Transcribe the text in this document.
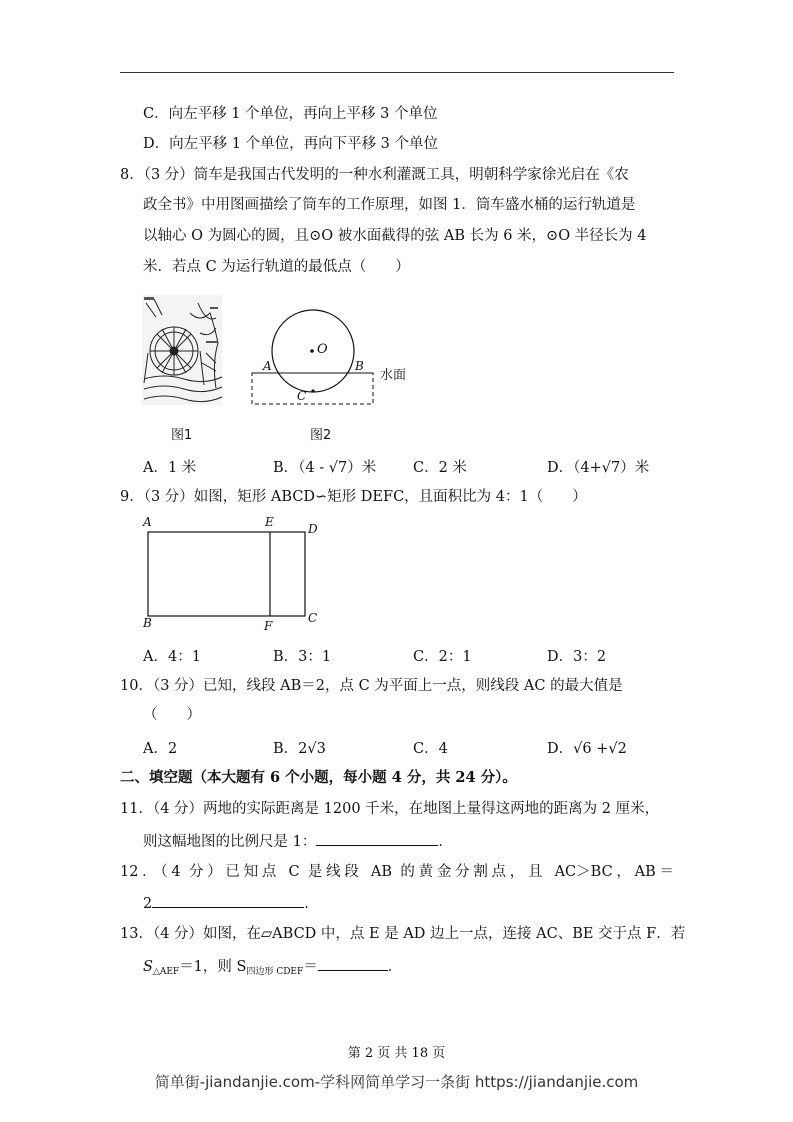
C．向左平移 1 个单位，再向上平移 3 个单位
D．向左平移 1 个单位，再向下平移 3 个单位
8．（3 分）筒车是我国古代发明的一种水利灌溉工具，明朝科学家徐光启在《农
政全书》中用图画描绘了筒车的工作原理，如图 1．筒车盛水桶的运行轨道是
以轴心 O 为圆心的圆，且⊙O 被水面截得的弦 AB 长为 6 米，⊙O 半径长为 4
米．若点 C 为运行轨道的最低点（　　）
图1
O
A	B
C
水面
图2
A．1 米	B．（4 - √7）米	C．2 米	D．（4+√7）米
9．（3 分）如图，矩形 ABCD∽矩形 DEFC，且面积比为 4：1（　　）
A	E	D
B	F
C
A．4：1	B．3：1	C．2：1	D．3：2
10．（3 分）已知，线段 AB＝2，点 C 为平面上一点，则线段 AC 的最大值是
（　　）
A．2	B．2√3	C．4	D．√6 +√2
二、填空题（本大题有 6 个小题，每小题 4 分，共 24 分）。
11．（4 分）两地的实际距离是 1200 千米，在地图上量得这两地的距离为 2 厘米，
则这幅地图的比例尺是 1：	．
12．（4 分）已知点 C 是线段 AB 的黄金分割点，且 AC＞BC，AB＝
2	．
13．（4 分）如图，在▱ABCD 中，点 E 是 AD 边上一点，连接 AC、BE 交于点 F．若
$S_{\triangle AEF}=1$，则 $S_{四边形 CDEF}=$	．
第 2 页 共 18 页
简单街-jiandanjie.com-学科网简单学习一条街 https://jiandanjie.com
